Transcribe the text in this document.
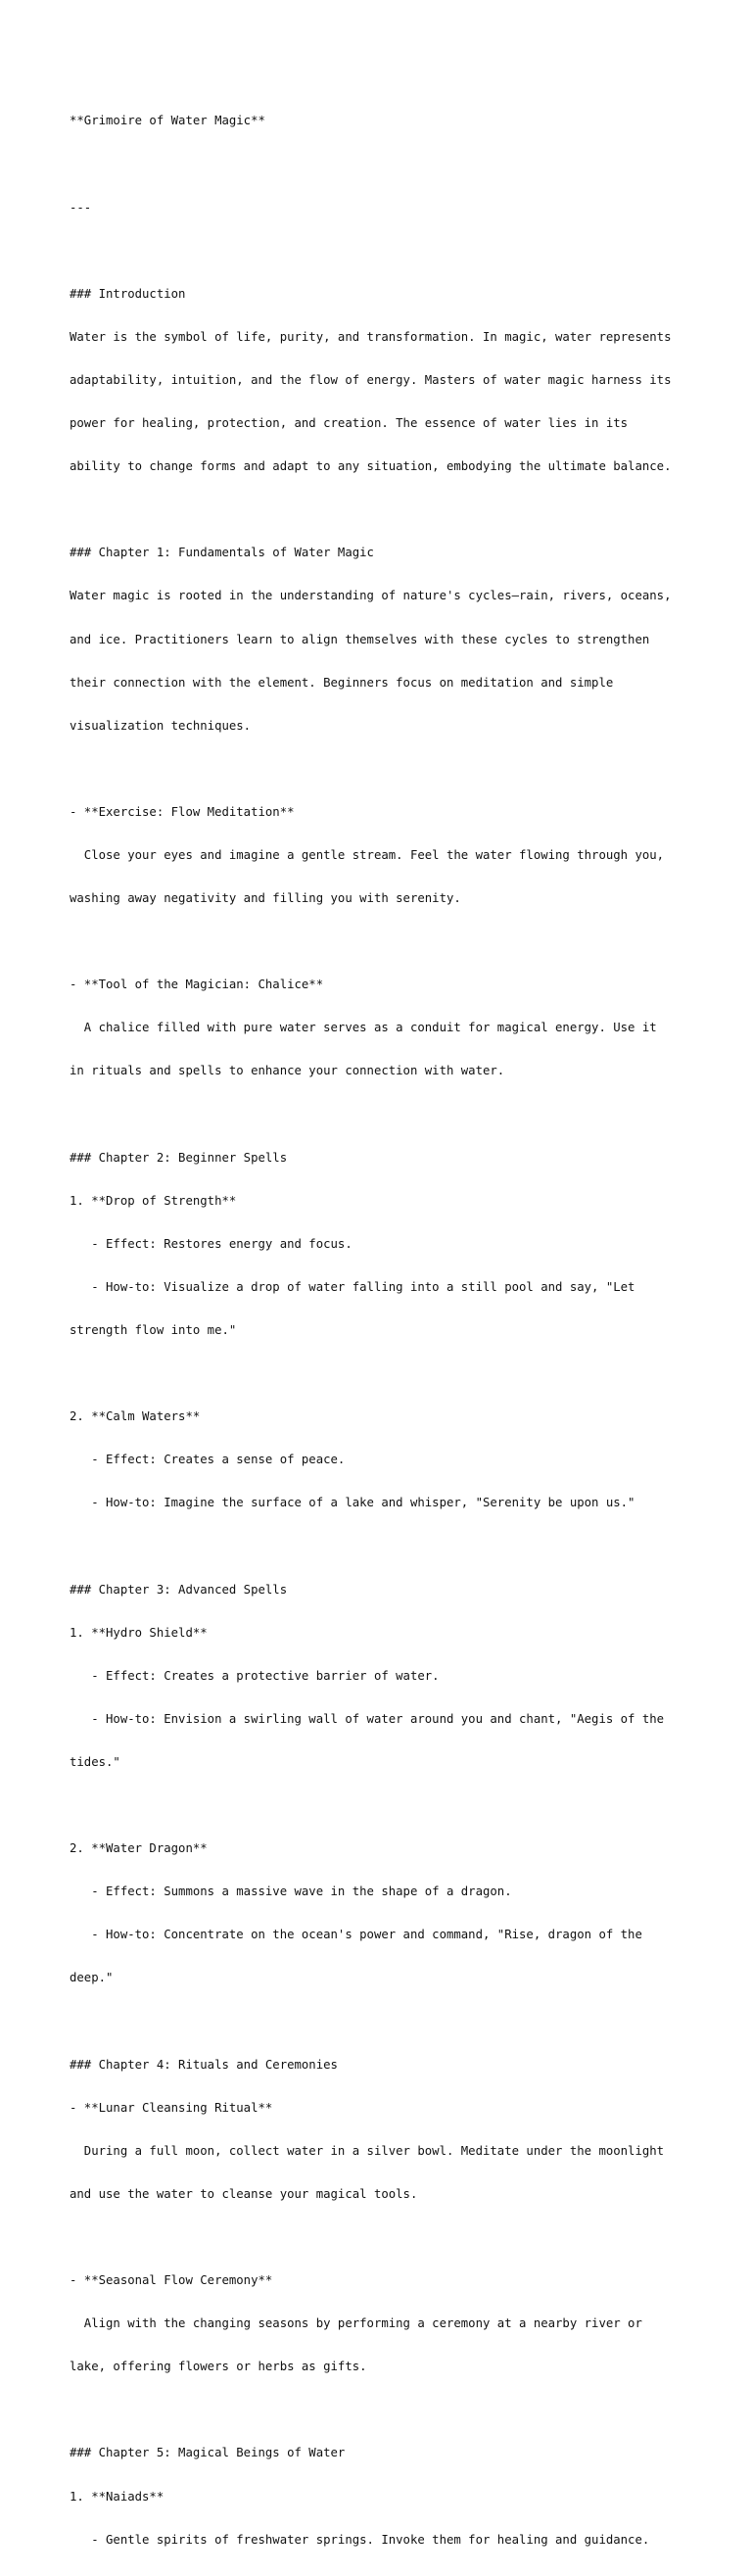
**Grimoire of Water Magic**

---

### Introduction

Water is the symbol of life, purity, and transformation. In magic, water represents

adaptability, intuition, and the flow of energy. Masters of water magic harness its

power for healing, protection, and creation. The essence of water lies in its

ability to change forms and adapt to any situation, embodying the ultimate balance.

### Chapter 1: Fundamentals of Water Magic

Water magic is rooted in the understanding of nature's cycles—rain, rivers, oceans,

and ice. Practitioners learn to align themselves with these cycles to strengthen

their connection with the element. Beginners focus on meditation and simple

visualization techniques.

- **Exercise: Flow Meditation**

Close your eyes and imagine a gentle stream. Feel the water flowing through you,

washing away negativity and filling you with serenity.

- **Tool of the Magician: Chalice**

A chalice filled with pure water serves as a conduit for magical energy. Use it

in rituals and spells to enhance your connection with water.

### Chapter 2: Beginner Spells

1. **Drop of Strength**

- Effect: Restores energy and focus.

- How-to: Visualize a drop of water falling into a still pool and say, "Let

strength flow into me."

2. **Calm Waters**

- Effect: Creates a sense of peace.

- How-to: Imagine the surface of a lake and whisper, "Serenity be upon us."

### Chapter 3: Advanced Spells

1. **Hydro Shield**

- Effect: Creates a protective barrier of water.

- How-to: Envision a swirling wall of water around you and chant, "Aegis of the

tides."

2. **Water Dragon**

- Effect: Summons a massive wave in the shape of a dragon.

- How-to: Concentrate on the ocean's power and command, "Rise, dragon of the

deep."

### Chapter 4: Rituals and Ceremonies

- **Lunar Cleansing Ritual**

During a full moon, collect water in a silver bowl. Meditate under the moonlight

and use the water to cleanse your magical tools.

- **Seasonal Flow Ceremony**

Align with the changing seasons by performing a ceremony at a nearby river or

lake, offering flowers or herbs as gifts.

### Chapter 5: Magical Beings of Water

1. **Naiads**

- Gentle spirits of freshwater springs. Invoke them for healing and guidance.
